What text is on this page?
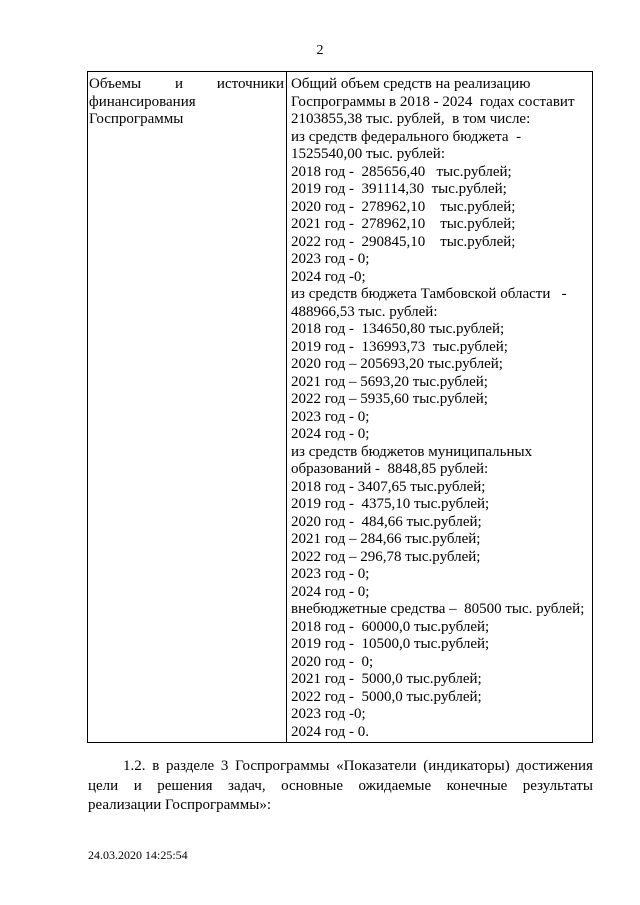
2
Объемы и источники
финансирования
Госпрограммы
Общий объем средств на реализацию
Госпрограммы в 2018 - 2024  годах составит
2103855,38 тыс. рублей,  в том числе:
из средств федерального бюджета  -
1525540,00 тыс. рублей:
2018 год -  285656,40   тыс.рублей;
2019 год -  391114,30  тыс.рублей;
2020 год -  278962,10    тыс.рублей;
2021 год -  278962,10    тыс.рублей;
2022 год -  290845,10    тыс.рублей;
2023 год - 0;
2024 год -0;
из средств бюджета Тамбовской области   -
488966,53 тыс. рублей:
2018 год -  134650,80 тыс.рублей;
2019 год -  136993,73  тыс.рублей;
2020 год – 205693,20 тыс.рублей;
2021 год – 5693,20 тыс.рублей;
2022 год – 5935,60 тыс.рублей;
2023 год - 0;
2024 год - 0;
из средств бюджетов муниципальных
образований -  8848,85 рублей:
2018 год - 3407,65 тыс.рублей;
2019 год -  4375,10 тыс.рублей;
2020 год -  484,66 тыс.рублей;
2021 год – 284,66 тыс.рублей;
2022 год – 296,78 тыс.рублей;
2023 год - 0;
2024 год - 0;
внебюджетные средства –  80500 тыс. рублей;
2018 год -  60000,0 тыс.рублей;
2019 год -  10500,0 тыс.рублей;
2020 год -  0;
2021 год -  5000,0 тыс.рублей;
2022 год -  5000,0 тыс.рублей;
2023 год -0;
2024 год - 0.
1.2. в разделе 3 Госпрограммы «Показатели (индикаторы) достижения
цели и решения задач, основные ожидаемые конечные результаты
реализации Госпрограммы»:
24.03.2020 14:25:54
